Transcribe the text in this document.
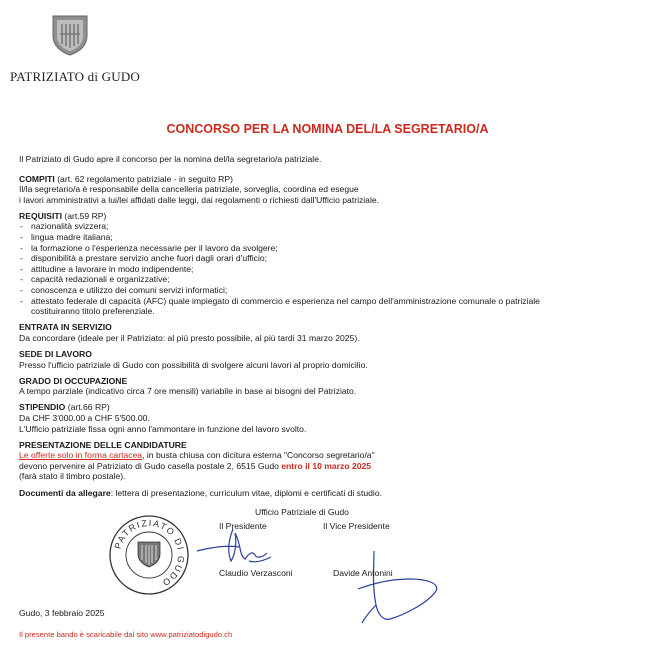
PATRIZIATO di GUDO
CONCORSO PER LA NOMINA DEL/LA SEGRETARIO/A

Il Patriziato di Gudo apre il concorso per la nomina del/la segretario/a patriziale.

COMPITI (art. 62 regolamento patriziale - in seguito RP)

Il/la segretario/a è responsabile della cancelleria patriziale, sorveglia, coordina ed esegue

i lavori amministrativi a lui/lei affidati dalle leggi, dai regolamenti o richiesti dall'Ufficio patriziale.

REQUISITI (art.59 RP)

- nazionalità svizzera;
- lingua madre italiana;
- la formazione o l'esperienza necessarie per il lavoro da svolgere;
- disponibilità a prestare servizio anche fuori dagli orari d'ufficio;
- attitudine a lavorare in modo indipendente;
- capacità redazionali e organizzative;
- conoscenza e utilizzo dei comuni servizi informatici;
- attestato federale di capacità (AFC) quale impiegato di commercio e esperienza nel campo dell'amministrazione comunale o patriziale costituiranno titolo preferenziale.

ENTRATA IN SERVIZIO

Da concordare (ideale per il Patriziato: al più presto possibile, al più tardi 31 marzo 2025).

SEDE DI LAVORO

Presso l'ufficio patriziale di Gudo con possibilità di svolgere alcuni lavori al proprio domicilio.

GRADO DI OCCUPAZIONE

A tempo parziale (indicativo circa 7 ore mensili) variabile in base ai bisogni del Patriziato.

STIPENDIO (art.66 RP)

Da CHF 3'000.00 a CHF 5'500.00.

L'Ufficio patriziale fissa ogni anno l'ammontare in funzione del lavoro svolto.

PRESENTAZIONE DELLE CANDIDATURE

Le offerte solo in forma cartacea, in busta chiusa con dicitura esterna "Concorso segretario/a"

devono pervenire al Patriziato di Gudo casella postale 2, 6515 Gudo entro il 10 marzo 2025

(farà stato il timbro postale).

Documenti da allegare: lettera di presentazione, curriculum vitae, diplomi e certificati di studio.

Ufficio Patriziale di Gudo
Il Presidente	Il Vice Presidente
PATRIZIATO DI GUDO
Claudio Verzasconi	Davide Antonini
Gudo, 3 febbraio 2025
Il presente bando è scaricabile dal sito www.patriziatodigudo.ch
